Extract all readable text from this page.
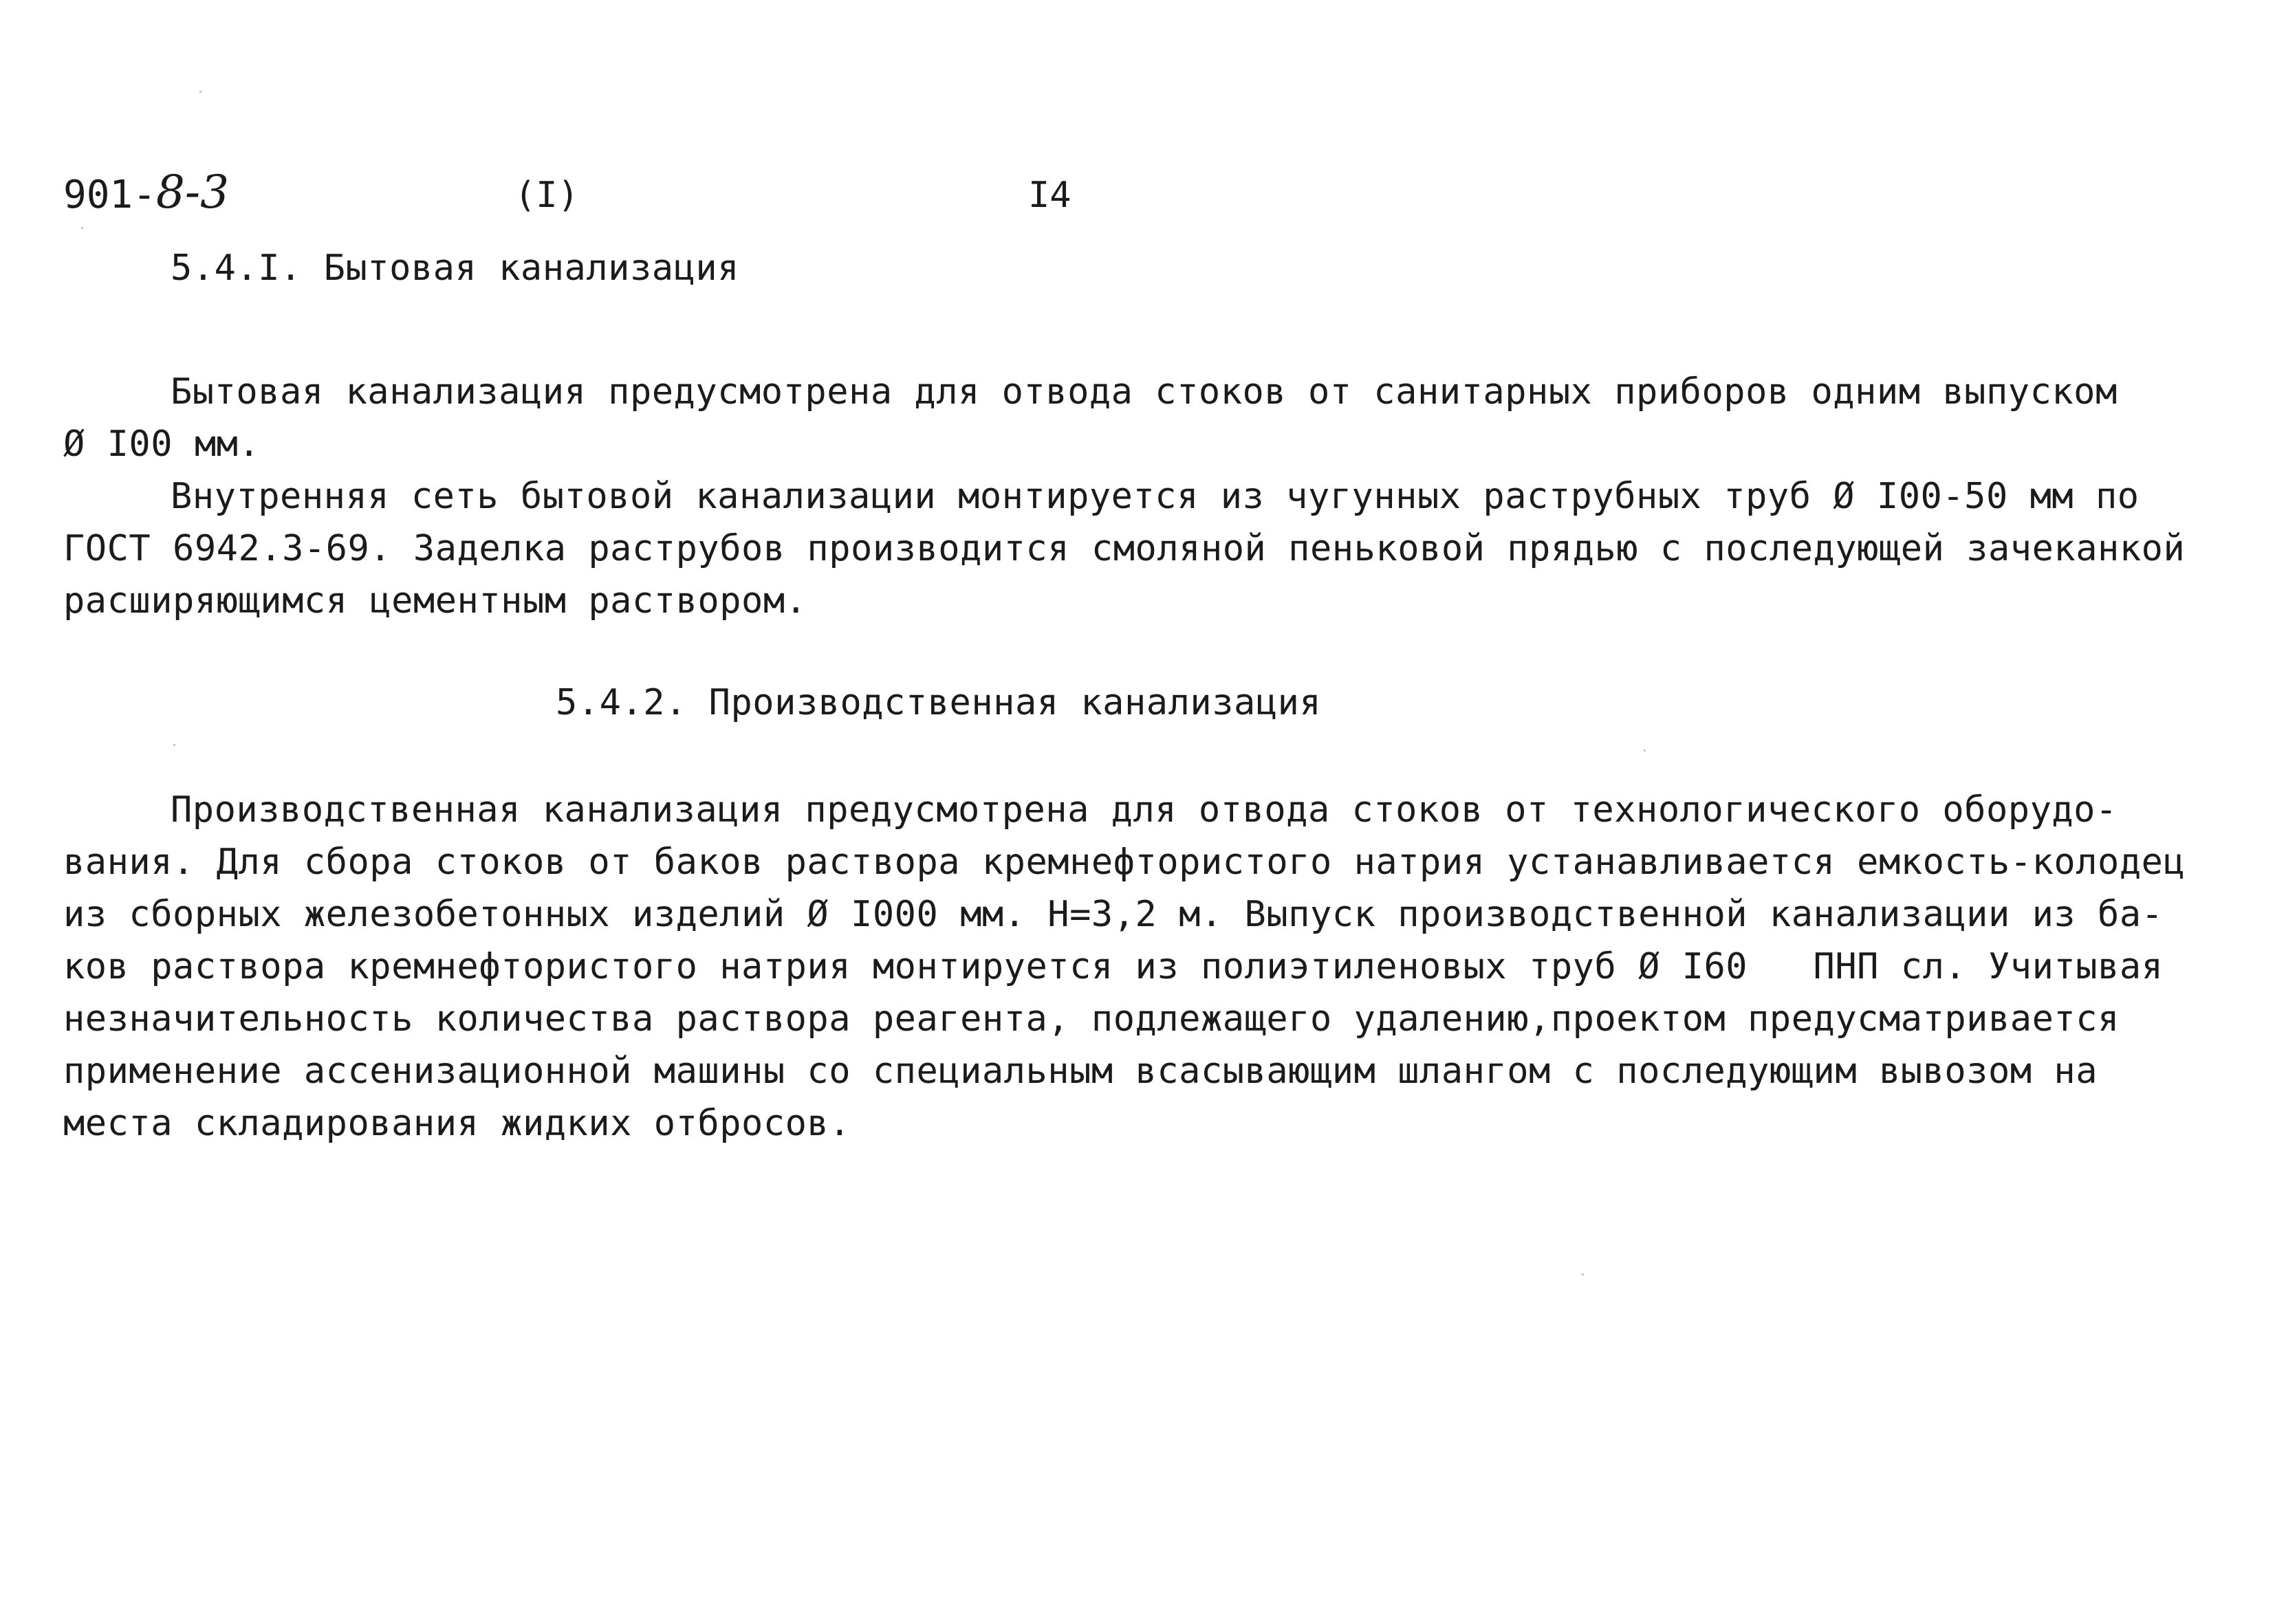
901-8-3	(I)	I4
5.4.I. Бытовая канализация
Бытовая канализация предусмотрена для отвода стоков от санитарных приборов одним выпуском
Ø I00 мм.
Внутренняя сеть бытовой канализации монтируется из чугунных раструбных труб Ø I00-50 мм по
ГОСТ 6942.3-69. Заделка раструбов производится смоляной пеньковой прядью с последующей зачеканкой
расширяющимся цементным раствором.
5.4.2. Производственная канализация
Производственная канализация предусмотрена для отвода стоков от технологического оборудо-
вания. Для сбора стоков от баков раствора кремнефтористого натрия устанавливается емкость-колодец
из сборных железобетонных изделий Ø I000 мм. Н=3,2 м. Выпуск производственной канализации из ба-
ков раствора кремнефтористого натрия монтируется из полиэтиленовых труб Ø I60   ПНП сл. Учитывая
незначительность количества раствора реагента, подлежащего удалению,проектом предусматривается
применение ассенизационной машины со специальным всасывающим шлангом с последующим вывозом на
места складирования жидких отбросов.
